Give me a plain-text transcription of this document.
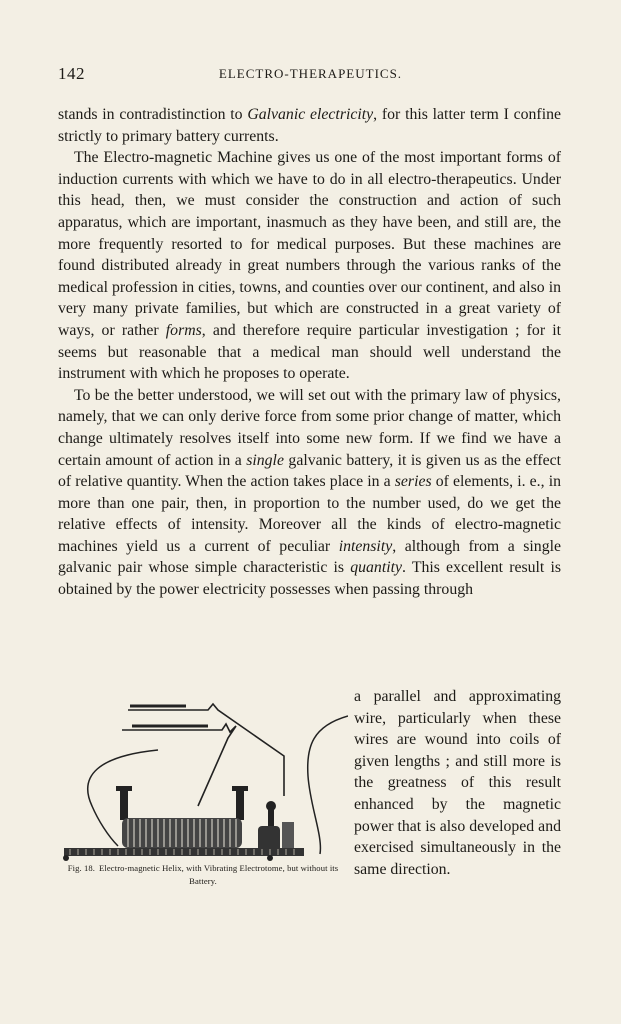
142	ELECTRO-THERAPEUTICS.

stands in contradistinction to Galvanic electricity, for this latter term I confine strictly to primary battery currents.

The Electro-magnetic Machine gives us one of the most important forms of induction currents with which we have to do in all electro-therapeutics. Under this head, then, we must consider the construction and action of such apparatus, which are important, inasmuch as they have been, and still are, the more frequently resorted to for medical purposes. But these machines are found distributed already in great numbers through the various ranks of the medical profession in cities, towns, and counties over our continent, and also in very many private families, but which are constructed in a great variety of ways, or rather forms, and therefore require particular investigation ; for it seems but reasonable that a medical man should well understand the instrument with which he proposes to operate.

To be the better understood, we will set out with the primary law of physics, namely, that we can only derive force from some prior change of matter, which change ultimately resolves itself into some new form. If we find we have a certain amount of action in a single galvanic battery, it is given us as the effect of relative quantity. When the action takes place in a series of elements, i. e., in more than one pair, then, in proportion to the number used, do we get the relative effects of intensity. Moreover all the kinds of electro-magnetic machines yield us a current of peculiar intensity, although from a single galvanic pair whose simple characteristic is quantity. This excellent result is obtained by the power electricity possesses when passing through

Fig. 18. Electro-magnetic Helix, with Vibrating Electrotome, but without its Battery.

a parallel and approximating wire, particularly when these wires are wound into coils of given lengths ; and still more is the greatness of this result enhanced by the magnetic power that is also developed and exercised simultaneously in the same direction.
